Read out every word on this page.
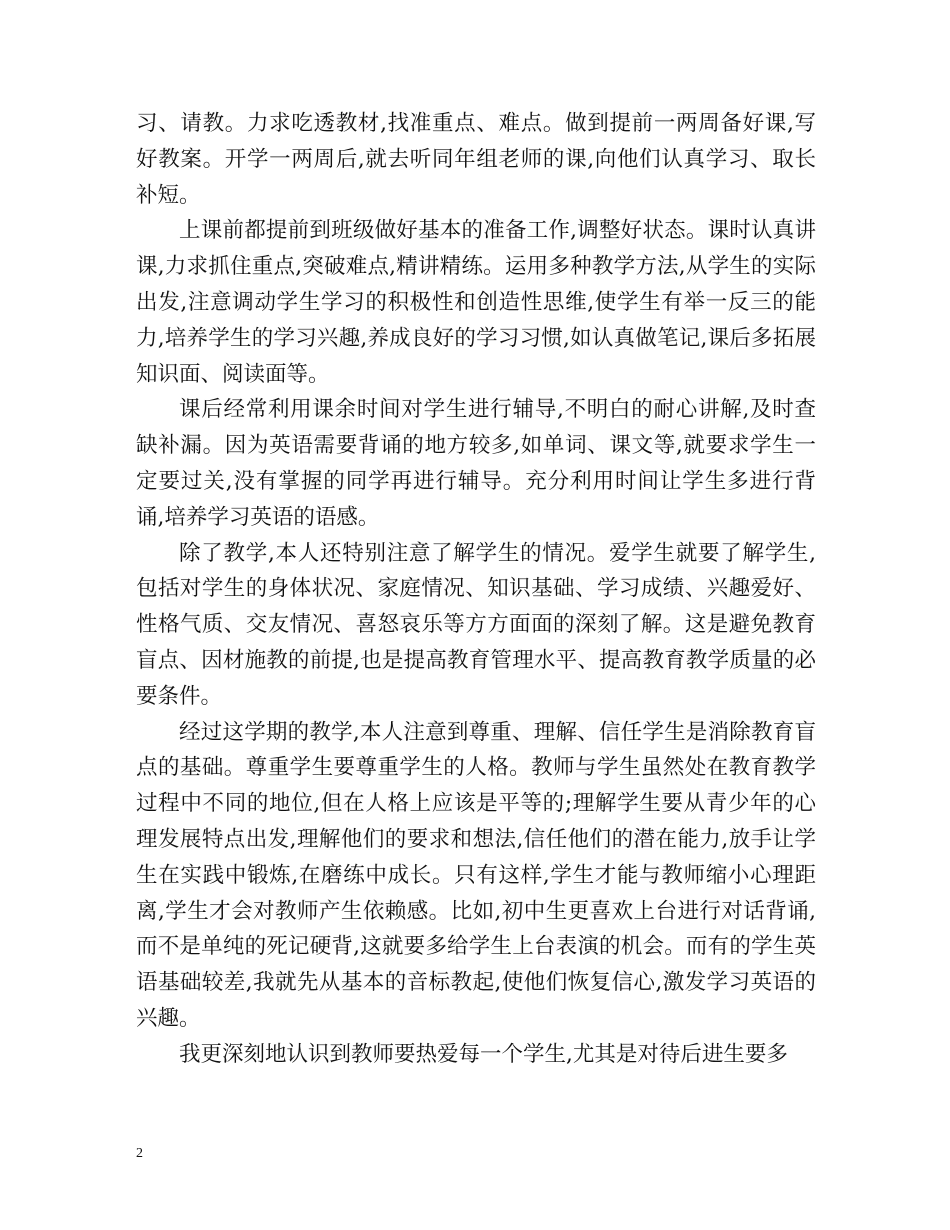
习、请教。力求吃透教材,找准重点、难点。做到提前一两周备好课,写好教案。开学一两周后,就去听同年组老师的课,向他们认真学习、取长补短。

上课前都提前到班级做好基本的准备工作,调整好状态。课时认真讲课,力求抓住重点,突破难点,精讲精练。运用多种教学方法,从学生的实际出发,注意调动学生学习的积极性和创造性思维,使学生有举一反三的能力,培养学生的学习兴趣,养成良好的学习习惯,如认真做笔记,课后多拓展知识面、阅读面等。

课后经常利用课余时间对学生进行辅导,不明白的耐心讲解,及时查缺补漏。因为英语需要背诵的地方较多,如单词、课文等,就要求学生一定要过关,没有掌握的同学再进行辅导。充分利用时间让学生多进行背诵,培养学习英语的语感。

除了教学,本人还特别注意了解学生的情况。爱学生就要了解学生,包括对学生的身体状况、家庭情况、知识基础、学习成绩、兴趣爱好、性格气质、交友情况、喜怒哀乐等方方面面的深刻了解。这是避免教育盲点、因材施教的前提,也是提高教育管理水平、提高教育教学质量的必要条件。

经过这学期的教学,本人注意到尊重、理解、信任学生是消除教育盲点的基础。尊重学生要尊重学生的人格。教师与学生虽然处在教育教学过程中不同的地位,但在人格上应该是平等的;理解学生要从青少年的心理发展特点出发,理解他们的要求和想法,信任他们的潜在能力,放手让学生在实践中锻炼,在磨练中成长。只有这样,学生才能与教师缩小心理距离,学生才会对教师产生依赖感。比如,初中生更喜欢上台进行对话背诵,而不是单纯的死记硬背,这就要多给学生上台表演的机会。而有的学生英语基础较差,我就先从基本的音标教起,使他们恢复信心,激发学习英语的兴趣。

我更深刻地认识到教师要热爱每一个学生,尤其是对待后进生要多

2
